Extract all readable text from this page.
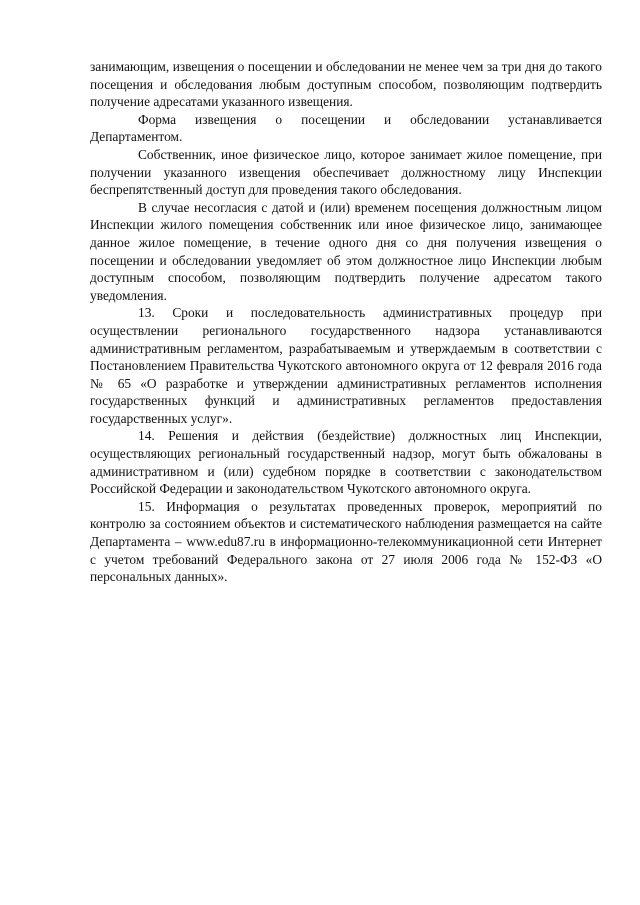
занимающим, извещения о посещении и обследовании не менее чем за три дня до такого посещения и обследования любым доступным способом, позволяющим подтвердить получение адресатами указанного извещения.

Форма извещения о посещении и обследовании устанавливается Департаментом.

Собственник, иное физическое лицо, которое занимает жилое помещение, при получении указанного извещения обеспечивает должностному лицу Инспекции беспрепятственный доступ для проведения такого обследования.

В случае несогласия с датой и (или) временем посещения должностным лицом Инспекции жилого помещения собственник или иное физическое лицо, занимающее данное жилое помещение, в течение одного дня со дня получения извещения о посещении и обследовании уведомляет об этом должностное лицо Инспекции любым доступным способом, позволяющим подтвердить получение адресатом такого уведомления.

13. Сроки и последовательность административных процедур при осуществлении регионального государственного надзора устанавливаются административным регламентом, разрабатываемым и утверждаемым в соответствии с Постановлением Правительства Чукотского автономного округа от 12 февраля 2016 года № 65 «О разработке и утверждении административных регламентов исполнения государственных функций и административных регламентов предоставления государственных услуг».

14. Решения и действия (бездействие) должностных лиц Инспекции, осуществляющих региональный государственный надзор, могут быть обжалованы в административном и (или) судебном порядке в соответствии с законодательством Российской Федерации и законодательством Чукотского автономного округа.

15. Информация о результатах проведенных проверок, мероприятий по контролю за состоянием объектов и систематического наблюдения размещается на сайте Департамента – www.edu87.ru в информационно-телекоммуникационной сети Интернет с учетом требований Федерального закона от 27 июля 2006 года № 152-ФЗ «О персональных данных».
